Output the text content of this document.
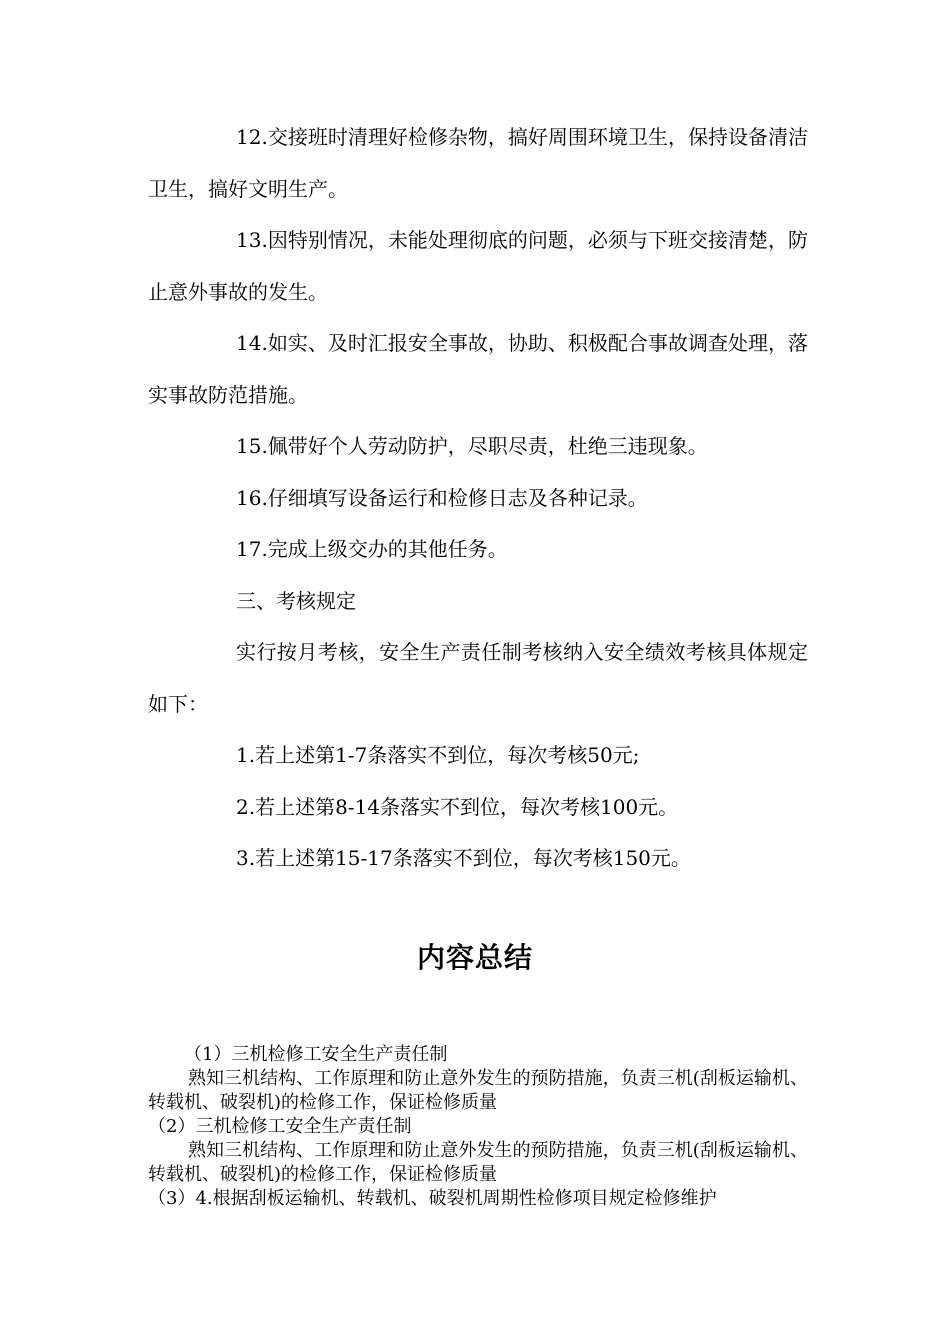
12.交接班时清理好检修杂物，搞好周围环境卫生，保持设备清洁卫生，搞好文明生产。

13.因特别情况，未能处理彻底的问题，必须与下班交接清楚，防止意外事故的发生。

14.如实、及时汇报安全事故，协助、积极配合事故调查处理，落实事故防范措施。

15.佩带好个人劳动防护，尽职尽责，杜绝三违现象。

16.仔细填写设备运行和检修日志及各种记录。

17.完成上级交办的其他任务。

三、考核规定

实行按月考核，安全生产责任制考核纳入安全绩效考核具体规定如下：

1.若上述第1-7条落实不到位，每次考核50元;

2.若上述第8-14条落实不到位，每次考核100元。

3.若上述第15-17条落实不到位，每次考核150元。

内容总结

（1）三机检修工安全生产责任制

熟知三机结构、工作原理和防止意外发生的预防措施，负责三机(刮板运输机、转载机、破裂机)的检修工作，保证检修质量

（2）三机检修工安全生产责任制

熟知三机结构、工作原理和防止意外发生的预防措施，负责三机(刮板运输机、转载机、破裂机)的检修工作，保证检修质量

（3）4.根据刮板运输机、转载机、破裂机周期性检修项目规定检修维护
